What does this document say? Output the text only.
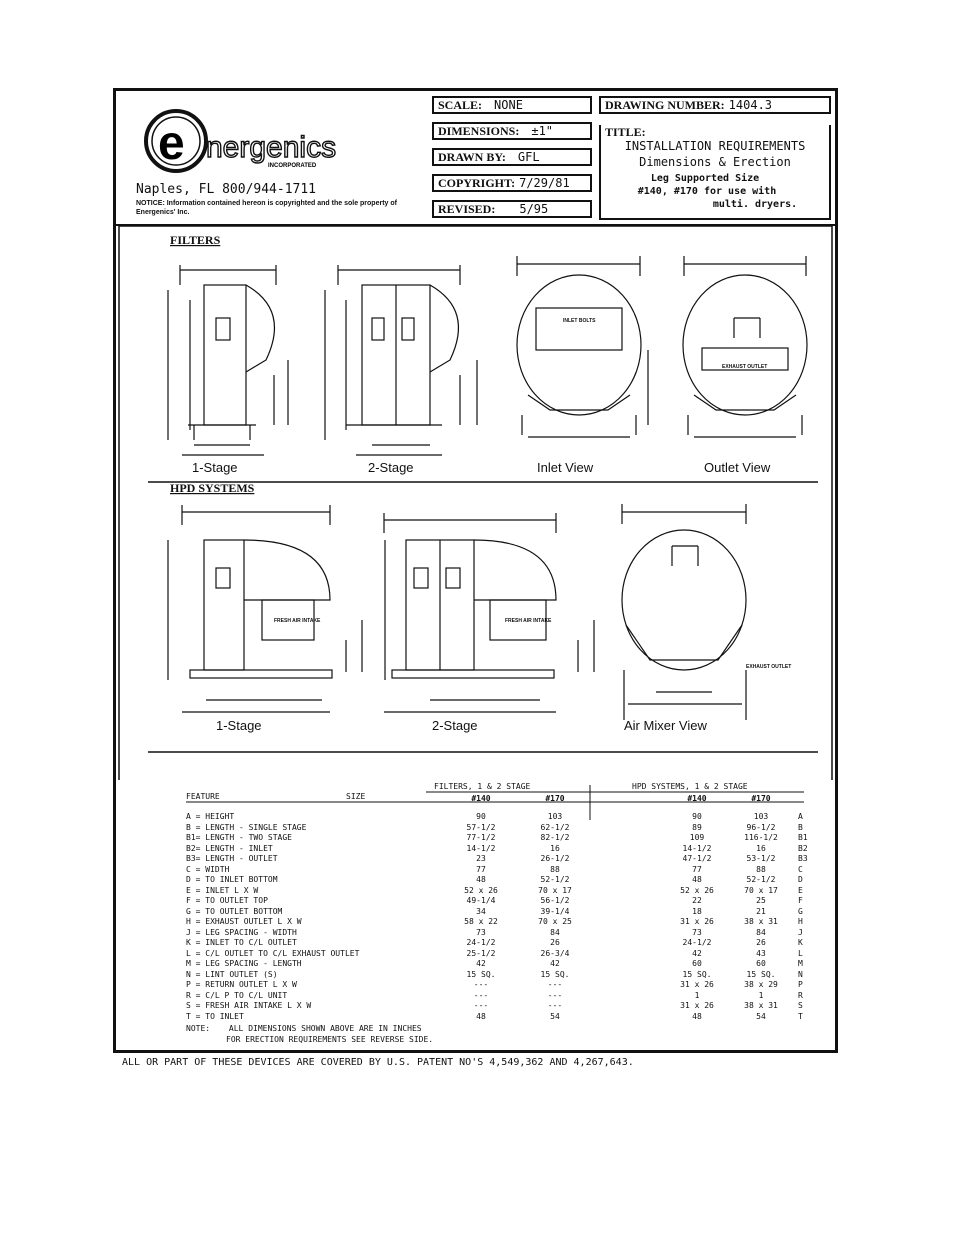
e nergenics
INCORPORATED
Naples, FL 800/944-1711
NOTICE: Information contained hereon is copyrighted and the sole property of Energenics' Inc.
SCALE: NONE
DIMENSIONS: ±1"
DRAWN BY: GFL
COPYRIGHT: 7/29/81
REVISED: 5/95
DRAWING NUMBER: 1404.3
TITLE:
INSTALLATION REQUIREMENTS
Dimensions & Erection
Leg Supported Size
#140, #170 for use with
multi. dryers.
FILTERS
HPD SYSTEMS
1-Stage	2-Stage	Inlet View	Outlet View
1-Stage	2-Stage	Air Mixer View
INLET BOLTS
EXHAUST OUTLET
FRESH AIR INTAKE	FRESH AIR INTAKE
EXHAUST OUTLET
FILTERS, 1 & 2 STAGE	HPD SYSTEMS, 1 & 2 STAGE
FEATURE	SIZE	#140	#170	#140	#170
A = HEIGHT	90	103	90	103	A
B = LENGTH - SINGLE STAGE	57-1/2	62-1/2	89	96-1/2	B
B1= LENGTH - TWO STAGE	77-1/2	82-1/2	109	116-1/2	B1
B2= LENGTH - INLET	14-1/2	16	14-1/2	16	B2
B3= LENGTH - OUTLET	23	26-1/2	47-1/2	53-1/2	B3
C = WIDTH	77	88	77	88	C
D = TO INLET BOTTOM	48	52-1/2	48	52-1/2	D
E = INLET L X W	52 x 26	70 x 17	52 x 26	70 x 17	E
F = TO OUTLET TOP	49-1/4	56-1/2	22	25	F
G = TO OUTLET BOTTOM	34	39-1/4	18	21	G
H = EXHAUST OUTLET L X W	58 x 22	70 x 25	31 x 26	38 x 31	H
J = LEG SPACING - WIDTH	73	84	73	84	J
K = INLET TO C/L OUTLET	24-1/2	26	24-1/2	26	K
L = C/L OUTLET TO C/L EXHAUST OUTLET	25-1/2	26-3/4	42	43	L
M = LEG SPACING - LENGTH	42	42	60	60	M
N = LINT OUTLET (S)	15 SQ.	15 SQ.	15 SQ.	15 SQ.	N
P = RETURN OUTLET L X W	---	---	31 x 26	38 x 29	P
R = C/L P TO C/L UNIT	---	---	1	1	R
S = FRESH AIR INTAKE L X W	---	---	31 x 26	38 x 31	S
T = TO INLET	48	54	48	54	T
NOTE: ALL DIMENSIONS SHOWN ABOVE ARE IN INCHES
FOR ERECTION REQUIREMENTS SEE REVERSE SIDE.
ALL OR PART OF THESE DEVICES ARE COVERED BY U.S. PATENT NO'S 4,549,362 AND 4,267,643.
